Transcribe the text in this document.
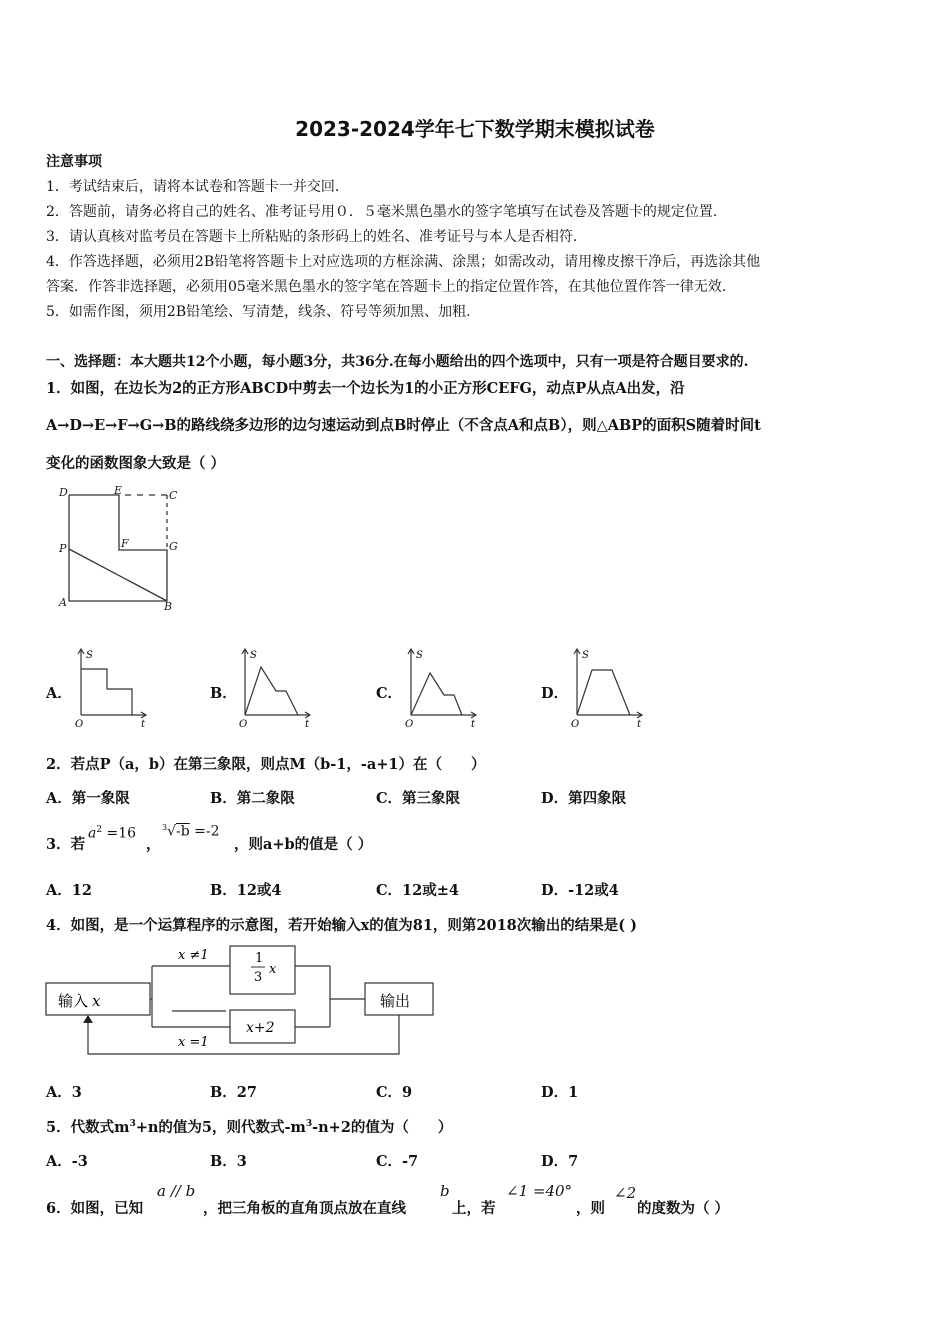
2023-2024学年七下数学期末模拟试卷
注意事项
1．考试结束后，请将本试卷和答题卡一并交回.
2．答题前，请务必将自己的姓名、准考证号用０．５毫米黑色墨水的签字笔填写在试卷及答题卡的规定位置.
3．请认真核对监考员在答题卡上所粘贴的条形码上的姓名、准考证号与本人是否相符.
4．作答选择题，必须用2B铅笔将答题卡上对应选项的方框涂满、涂黑；如需改动，请用橡皮擦干净后，再选涂其他
答案．作答非选择题，必须用05毫米黑色墨水的签字笔在答题卡上的指定位置作答，在其他位置作答一律无效.
5．如需作图，须用2B铅笔绘、写清楚，线条、符号等须加黑、加粗.
一、选择题：本大题共12个小题，每小题3分，共36分.在每小题给出的四个选项中，只有一项是符合题目要求的.
1．如图，在边长为2的正方形ABCD中剪去一个边长为1的小正方形CEFG，动点P从点A出发，沿
A→D→E→F→G→B的路线绕多边形的边匀速运动到点B时停止（不含点A和点B），则△ABP的面积S随着时间t
变化的函数图象大致是（ ）
D	E	C
P	F	G
A	B
A．
S
O	t
B．
S
O	t
C．
S
O	t
D．
S
O	t
2．若点P（a，b）在第三象限，则点M（b-1，-a+1）在（　　）
A．第一象限	B．第二象限	C．第三象限	D．第四象限
3．若
$a^2 =16$
，
$^3$√-b =-2
，则a+b的值是（ ）
A．12	B．12或4	C．12或±4	D．-12或4
4．如图，是一个运算程序的示意图，若开始输入x的值为81，则第2018次输出的结果是( )
输入 x	输出
x ≠1
x =1
1
3
x
x+2
A．3	B．27	C．9	D．1
5．代数式$m^3+n$的值为5，则代数式$-m^3-n+2$的值为（　　）
A．-3	B．3	C．-7	D．7
6．如图，已知
a // b
，把三角板的直角顶点放在直线
b
上，若
∠1 =40°
，则
∠2
的度数为（ ）
